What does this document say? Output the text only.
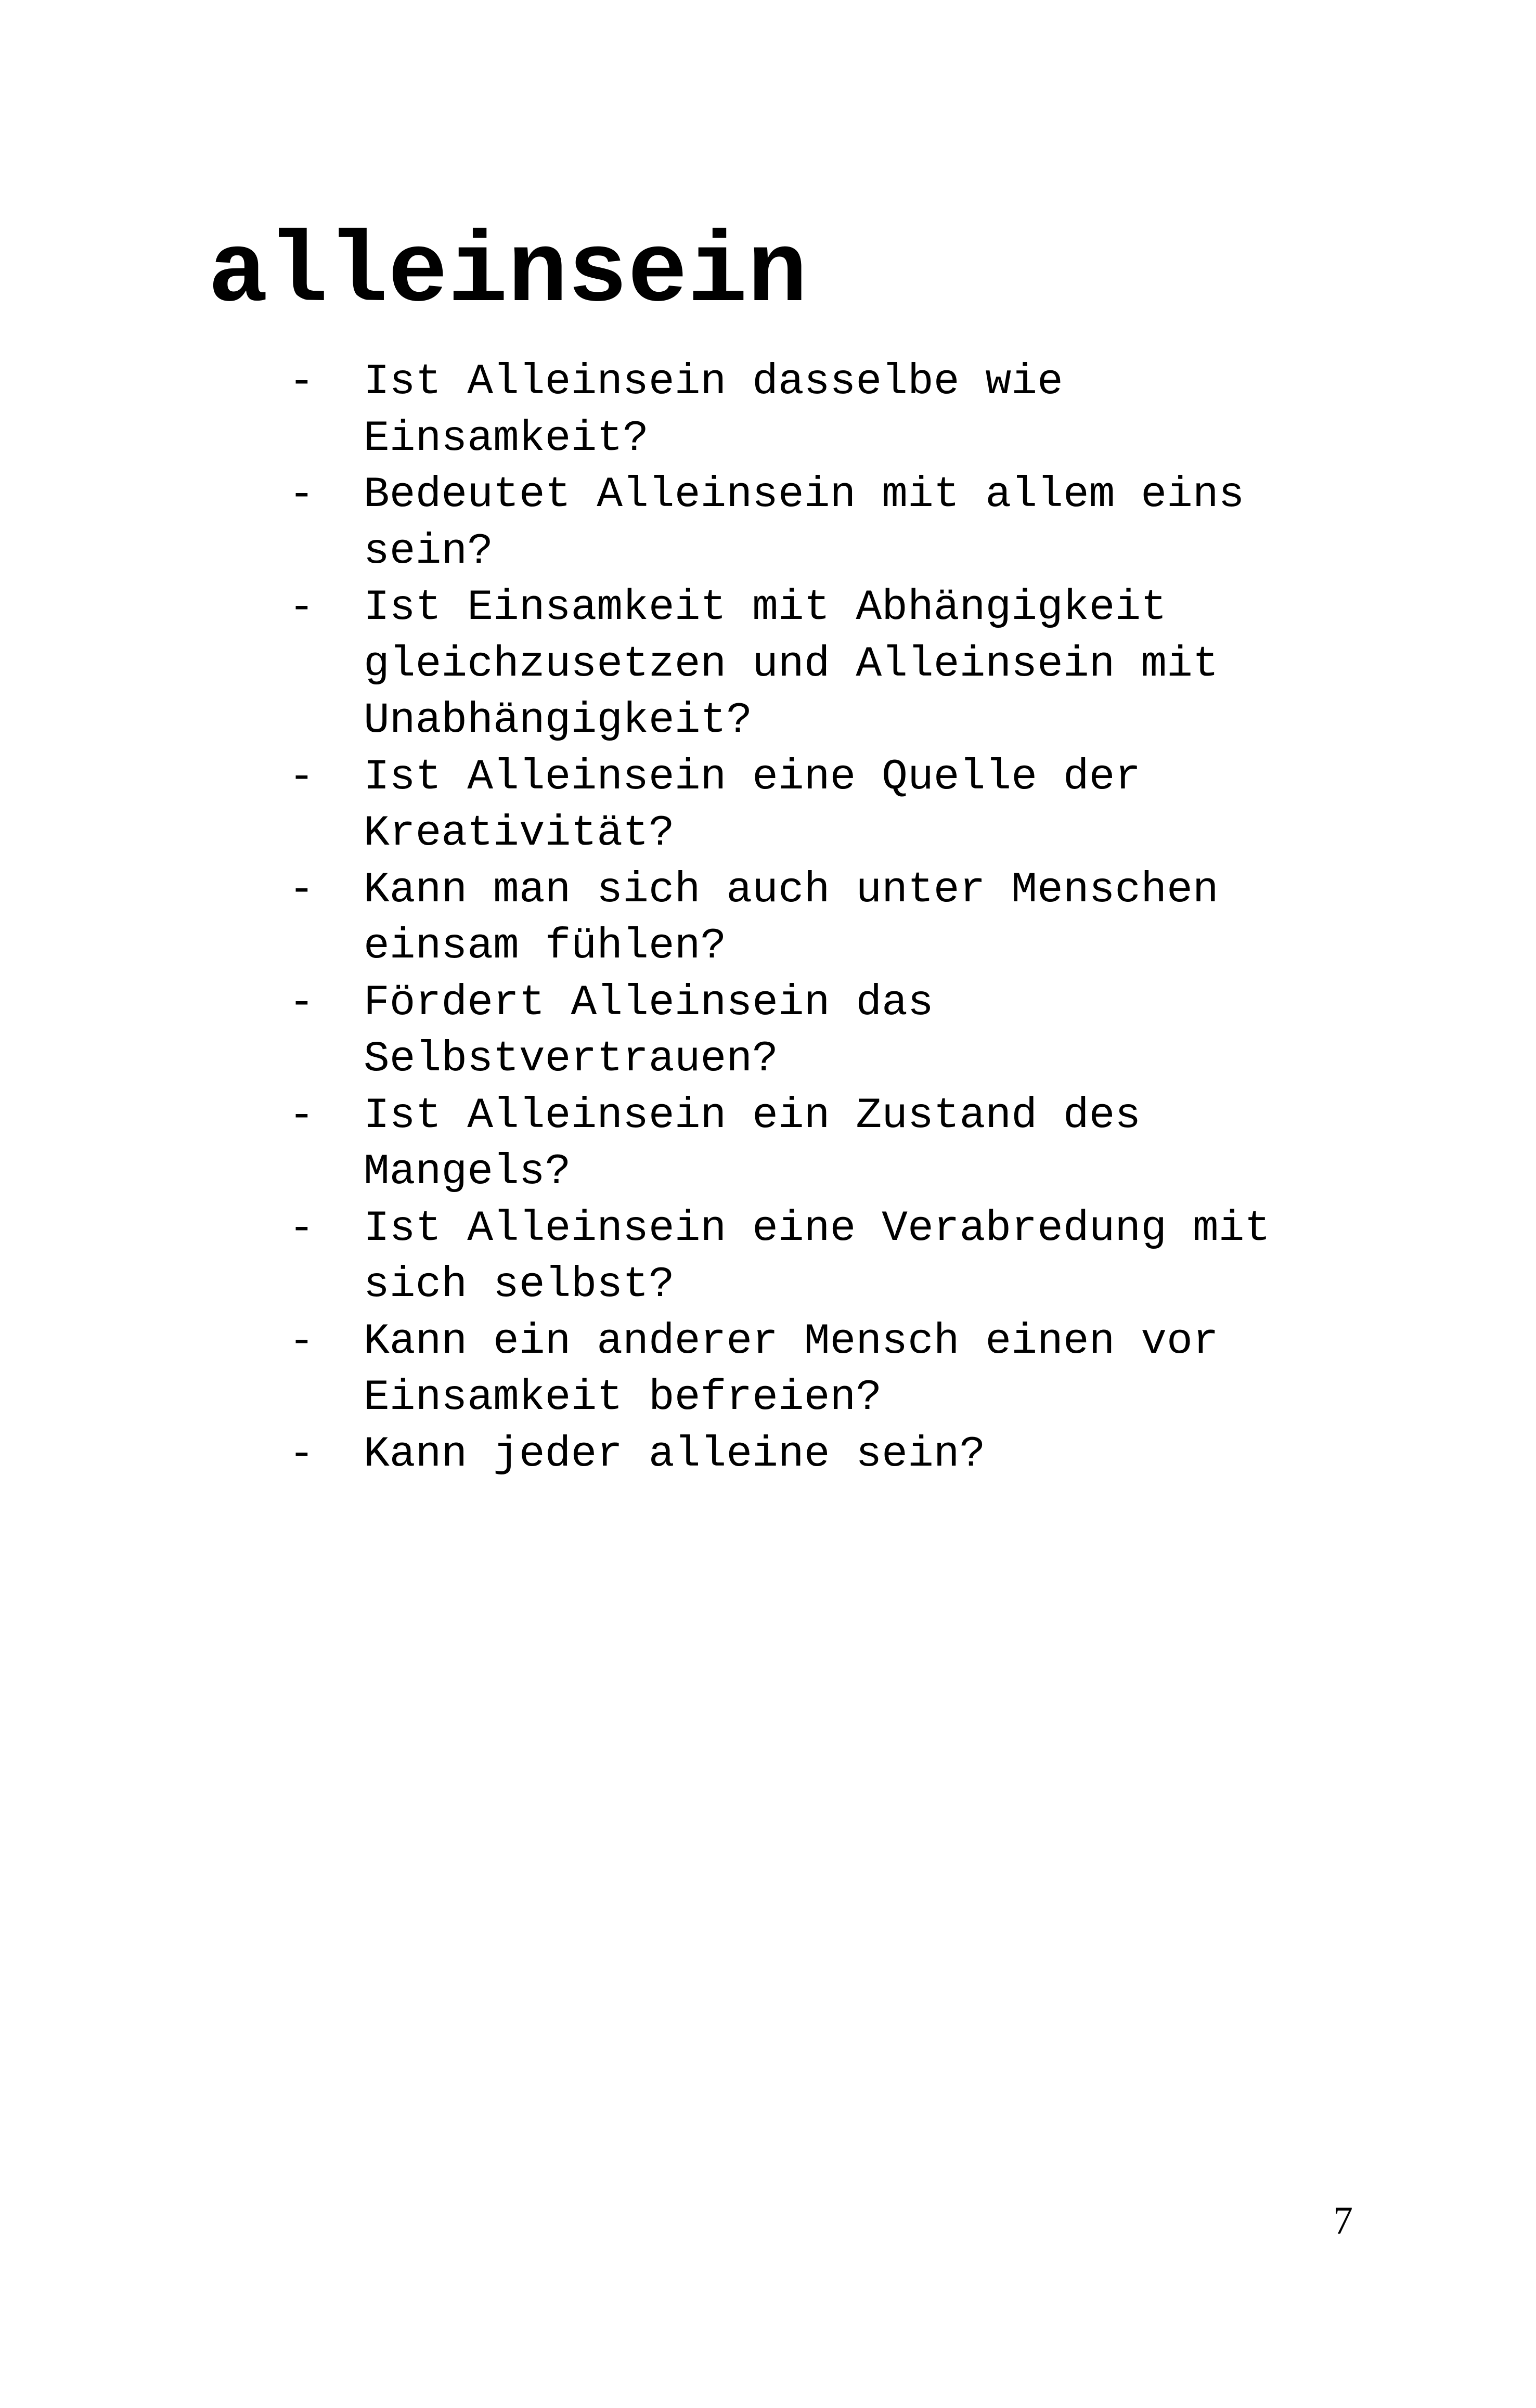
alleinsein
- Ist Alleinsein dasselbe wie
Einsamkeit?
- Bedeutet Alleinsein mit allem eins
sein?
- Ist Einsamkeit mit Abhängigkeit
gleichzusetzen und Alleinsein mit
Unabhängigkeit?
- Ist Alleinsein eine Quelle der
Kreativität?
- Kann man sich auch unter Menschen
einsam fühlen?
- Fördert Alleinsein das
Selbstvertrauen?
- Ist Alleinsein ein Zustand des
Mangels?
- Ist Alleinsein eine Verabredung mit
sich selbst?
- Kann ein anderer Mensch einen vor
Einsamkeit befreien?
- Kann jeder alleine sein?
7
